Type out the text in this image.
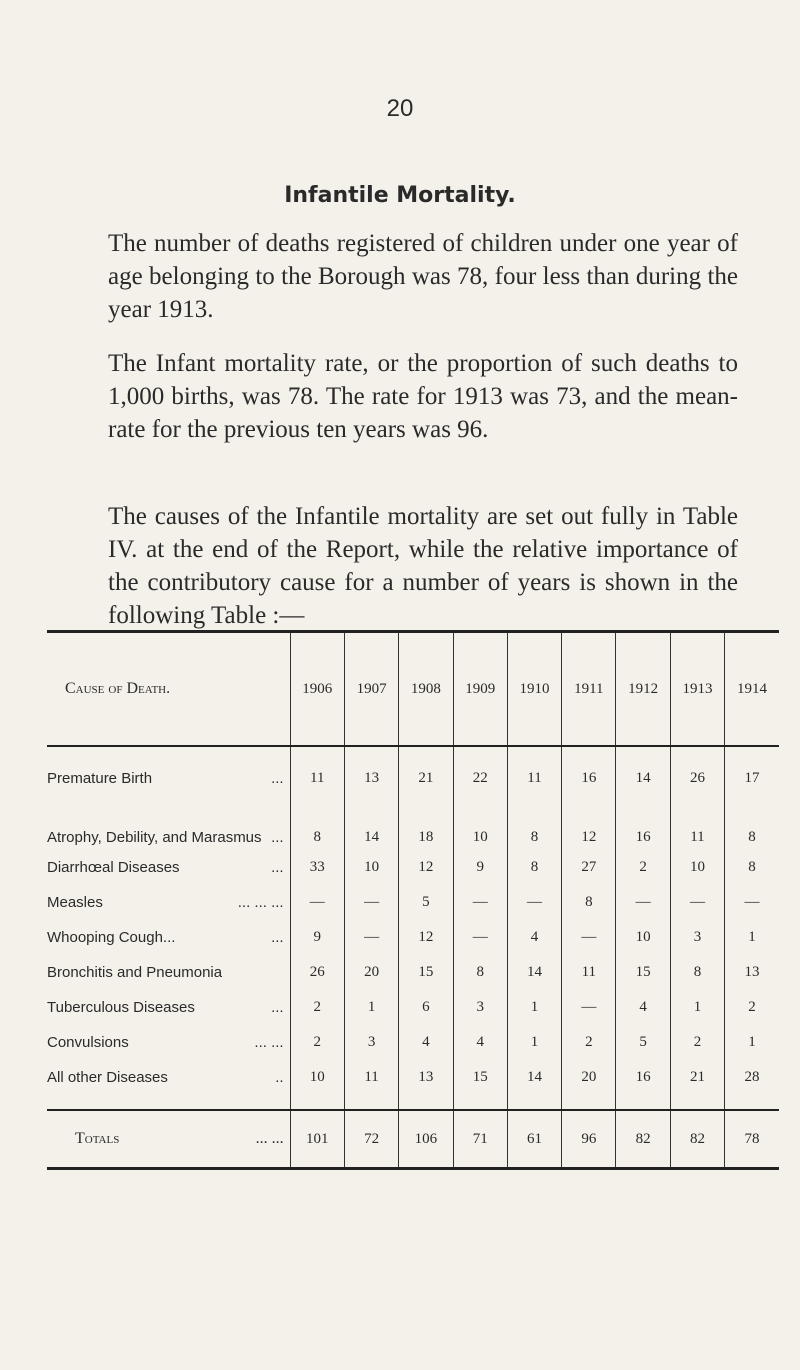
20
Infantile Mortality.

The number of deaths registered of children under one year of age belonging to the Borough was 78, four less than during the year 1913.

The Infant mortality rate, or the proportion of such deaths to 1,000 births, was 78. The rate for 1913 was 73, and the mean-rate for the previous ten years was 96.

The causes of the Infantile mortality are set out fully in Table IV. at the end of the Report, while the relative importance of the contributory cause for a number of years is shown in the following Table :—

Cause of Death.	1906	1907	1908	1909	1910	1911	1912	1913	1914

Premature Birth ...	11	13	21	22	11	16	14	26	17

Atrophy, Debility, and Marasmus ...	8	14	18	10	8	12	16	11	8

Diarrhœal Diseases ...	33	10	12	9	8	27	2	10	8

Measles ... ... ...	—	—	5	—	—	8	—	—	—

Whooping Cough... ...	9	—	12	—	4	—	10	3	1

Bronchitis and Pneumonia	26	20	15	8	14	11	15	8	13

Tuberculous Diseases ...	2	1	6	3	1	—	4	1	2

Convulsions ... ...	2	3	4	4	1	2	5	2	1

All other Diseases ..	10	11	13	15	14	20	16	21	28

Totals ... ...	101	72	106	71	61	96	82	82	78
